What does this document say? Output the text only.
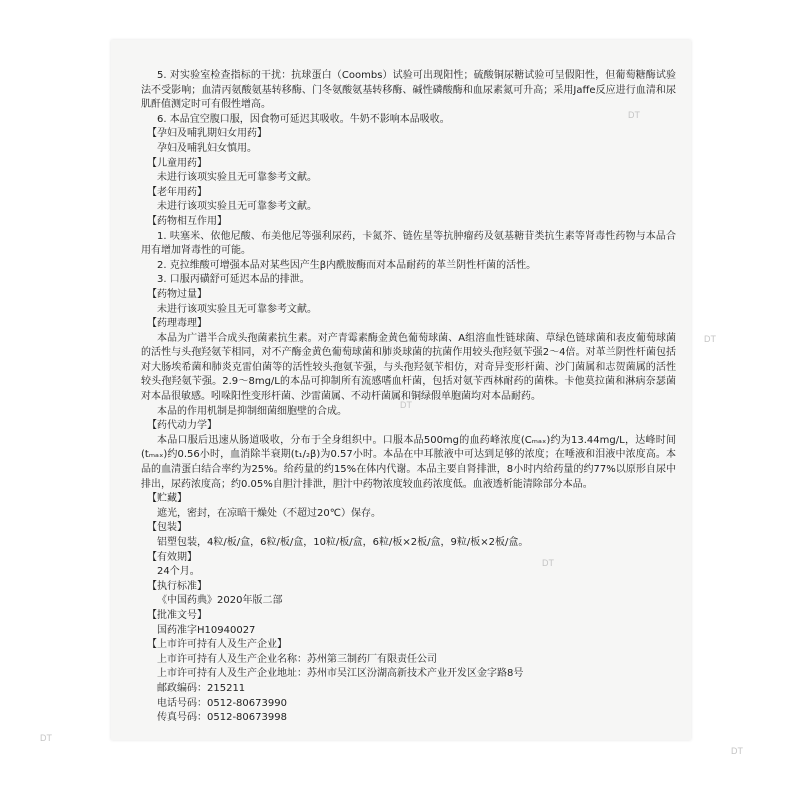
5. 对实验室检查指标的干扰：抗球蛋白（Coombs）试验可出现阳性；硫酸铜尿糖试验可呈假阳性，但葡萄糖酶试验法不受影响；血清丙氨酸氨基转移酶、门冬氨酸氨基转移酶、碱性磷酸酶和血尿素氮可升高；采用Jaffe反应进行血清和尿肌酐值测定时可有假性增高。

6. 本品宜空腹口服，因食物可延迟其吸收。牛奶不影响本品吸收。

【孕妇及哺乳期妇女用药】

孕妇及哺乳妇女慎用。

【儿童用药】

未进行该项实验且无可靠参考文献。

【老年用药】

未进行该项实验且无可靠参考文献。

【药物相互作用】

1. 呋塞米、依他尼酸、布美他尼等强利尿药，卡氮芥、链佐星等抗肿瘤药及氨基糖苷类抗生素等肾毒性药物与本品合用有增加肾毒性的可能。

2. 克拉维酸可增强本品对某些因产生β内酰胺酶而对本品耐药的革兰阴性杆菌的活性。

3. 口服丙磺舒可延迟本品的排泄。

【药物过量】

未进行该项实验且无可靠参考文献。

【药理毒理】

本品为广谱半合成头孢菌素抗生素。对产青霉素酶金黄色葡萄球菌、A组溶血性链球菌、草绿色链球菌和表皮葡萄球菌的活性与头孢羟氨苄相同，对不产酶金黄色葡萄球菌和肺炎球菌的抗菌作用较头孢羟氨苄强2～4倍。对革兰阴性杆菌包括对大肠埃希菌和肺炎克雷伯菌等的活性较头孢氨苄强，与头孢羟氨苄相仿，对奇异变形杆菌、沙门菌属和志贺菌属的活性较头孢羟氨苄强。2.9～8mg/L的本品可抑制所有流感嗜血杆菌，包括对氨苄西林耐药的菌株。卡他莫拉菌和淋病奈瑟菌对本品很敏感。吲哚阳性变形杆菌、沙雷菌属、不动杆菌属和铜绿假单胞菌均对本品耐药。

本品的作用机制是抑制细菌细胞壁的合成。

【药代动力学】

本品口服后迅速从肠道吸收，分布于全身组织中。口服本品500mg的血药峰浓度(Cₘₐₓ)约为13.44mg/L，达峰时间(tₘₐₓ)约0.56小时，血消除半衰期(t₁/₂β)为0.57小时。本品在中耳脓液中可达到足够的浓度；在唾液和泪液中浓度高。本品的血清蛋白结合率约为25%。给药量的约15%在体内代谢。本品主要自肾排泄，8小时内给药量的约77%以原形自尿中排出，尿药浓度高；约0.05%自胆汁排泄，胆汁中药物浓度较血药浓度低。血液透析能清除部分本品。

【贮藏】

遮光，密封，在凉暗干燥处（不超过20℃）保存。

【包装】

铝塑包装，4粒/板/盒，6粒/板/盒，10粒/板/盒，6粒/板×2板/盒，9粒/板×2板/盒。

【有效期】

24个月。

【执行标准】

《中国药典》2020年版二部

【批准文号】

国药准字H10940027

【上市许可持有人及生产企业】

上市许可持有人及生产企业名称：苏州第三制药厂有限责任公司

上市许可持有人及生产企业地址：苏州市吴江区汾湖高新技术产业开发区金字路8号

邮政编码：215211

电话号码：0512-80673990

传真号码：0512-80673998

DT
DT
DT
DT
DT
DT
